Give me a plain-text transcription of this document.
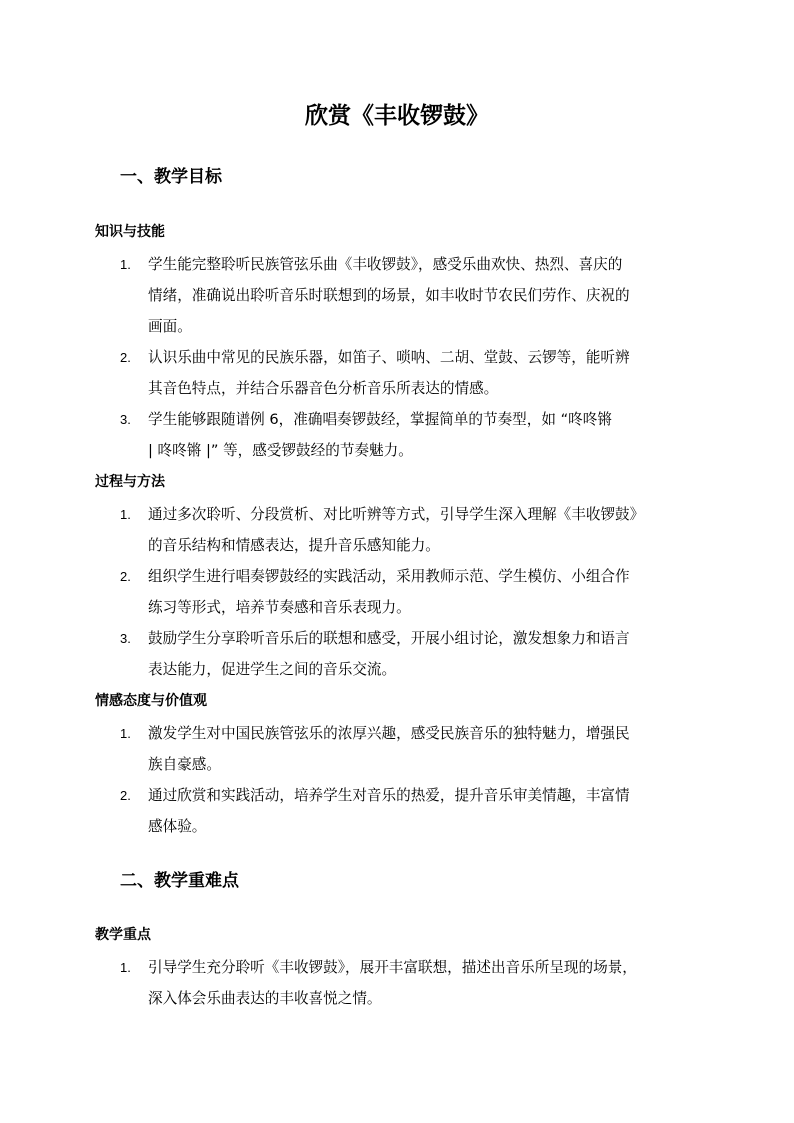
欣赏《丰收锣鼓》
一、教学目标
知识与技能
1. 学生能完整聆听民族管弦乐曲《丰收锣鼓》，感受乐曲欢快、热烈、喜庆的
情绪，准确说出聆听音乐时联想到的场景，如丰收时节农民们劳作、庆祝的
画面。
2. 认识乐曲中常见的民族乐器，如笛子、唢呐、二胡、堂鼓、云锣等，能听辨
其音色特点，并结合乐器音色分析音乐所表达的情感。
3. 学生能够跟随谱例 6，准确唱奏锣鼓经，掌握简单的节奏型，如 “咚咚锵
| 咚咚锵 |” 等，感受锣鼓经的节奏魅力。
过程与方法
1. 通过多次聆听、分段赏析、对比听辨等方式，引导学生深入理解《丰收锣鼓》
的音乐结构和情感表达，提升音乐感知能力。
2. 组织学生进行唱奏锣鼓经的实践活动，采用教师示范、学生模仿、小组合作
练习等形式，培养节奏感和音乐表现力。
3. 鼓励学生分享聆听音乐后的联想和感受，开展小组讨论，激发想象力和语言
表达能力，促进学生之间的音乐交流。
情感态度与价值观
1. 激发学生对中国民族管弦乐的浓厚兴趣，感受民族音乐的独特魅力，增强民
族自豪感。
2. 通过欣赏和实践活动，培养学生对音乐的热爱，提升音乐审美情趣，丰富情
感体验。
二、教学重难点
教学重点
1. 引导学生充分聆听《丰收锣鼓》，展开丰富联想，描述出音乐所呈现的场景，
深入体会乐曲表达的丰收喜悦之情。
